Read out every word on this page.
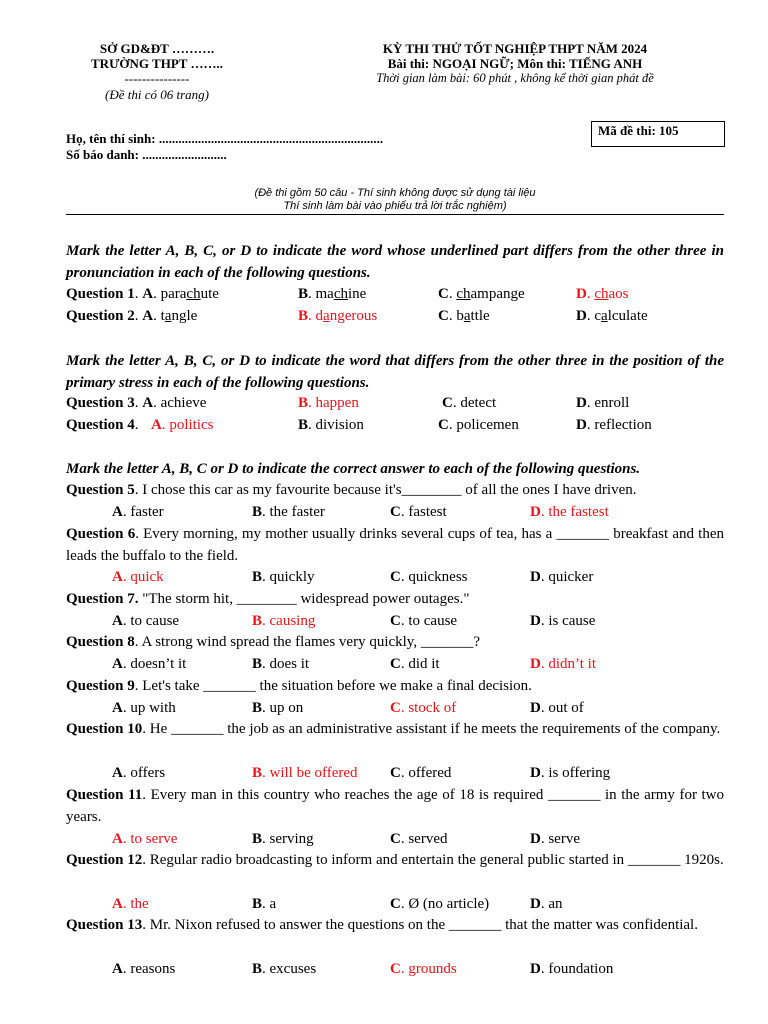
SỞ GD&ĐT ……….
TRƯỜNG THPT ……..
---------------
(Đề thi có 06 trang)
KỲ THI THỬ TỐT NGHIỆP THPT NĂM 2024
Bài thi: NGOẠI NGỮ; Môn thi: TIẾNG ANH
Thời gian làm bài: 60 phút , không kể thời gian phát đề
Họ, tên thí sinh: .....................................................................
Số báo danh: ..........................
Mã đề thi: 105
(Đề thi gồm 50 câu - Thí sinh không được sử dụng tài liệu
Thí sinh làm bài vào phiếu trả lời trắc nghiệm)
Mark the letter A, B, C, or D to indicate the word whose underlined part differs from the other three in pronunciation in each of the following questions.
Question 1. A. parachute	B. machine	C. champange	D. chaos
Question 2. A. tangle	B. dangerous	C. battle	D. calculate
Mark the letter A, B, C, or D to indicate the word that differs from the other three in the position of the primary stress in each of the following questions.
Question 3. A. achieve	B. happen	C. detect	D. enroll
Question 4. A. politics	B. division	C. policemen	D. reflection
Mark the letter A, B, C or D to indicate the correct answer to each of the following questions.
Question 5. I chose this car as my favourite because it's________ of all the ones I have driven.
A. faster	B. the faster	C. fastest	D. the fastest
Question 6. Every morning, my mother usually drinks several cups of tea, has a _______ breakfast and then leads the buffalo to the field.
A. quick	B. quickly	C. quickness	D. quicker
Question 7. "The storm hit, ________ widespread power outages."
A. to cause	B. causing	C. to cause	D. is cause
Question 8. A strong wind spread the flames very quickly, _______?
A. doesn’t it	B. does it	C. did it	D. didn’t it
Question 9. Let's take _______ the situation before we make a final decision.
A. up with	B. up on	C. stock of	D. out of
Question 10. He _______ the job as an administrative assistant if he meets the requirements of the company.
A. offers	B. will be offered C. offered	D. is offering
Question 11. Every man in this country who reaches the age of 18 is required _______ in the army for two years.
A. to serve	B. serving	C. served	D. serve
Question 12. Regular radio broadcasting to inform and entertain the general public started in _______ 1920s.
A. the	B. a	C. Ø (no article)	D. an
Question 13. Mr. Nixon refused to answer the questions on the _______ that the matter was confidential.
A. reasons	B. excuses	C. grounds	D. foundation
